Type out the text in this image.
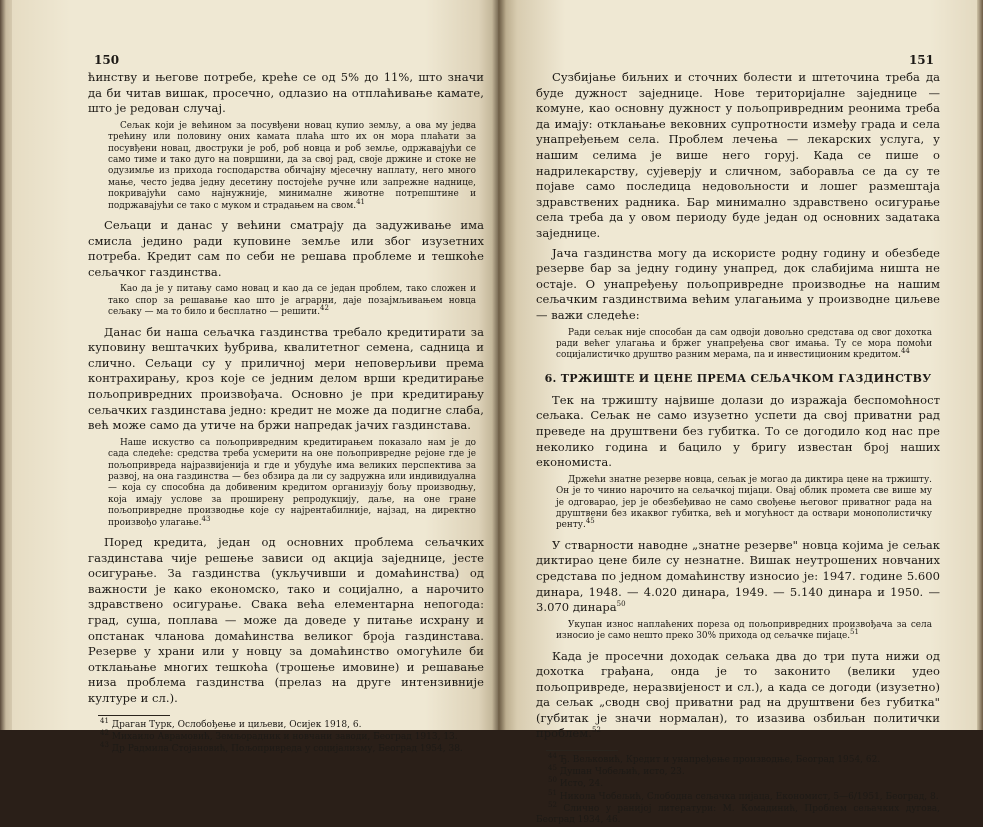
150

ћинству и његове потребе, креће се од 5% до 11%, што значи да би читав вишак, просечно, одлазио на отплаћивање камате, што је редован случај.

Сељак који је већином за посувђени новац купио земљу, а ова му једва трећину или половину оних камата плаћа што их он мора плаћати за посувђени новац, двоструки је роб, роб новца и роб земље, одржавајући се само тиме и тако дуго на површини, да за свој рад, своје држине и стоке не одузимље из прихода господарства обичајну мјесечну наплату, него много мање, често једва једну десетину постојеће ручне или запрежне наднице, покривајући само најнужније, минималне животне потрепштине и подржавајући се тако с муком и страдањем на свом.$^{41}$

Сељаци и данас у већини сматрају да задуживање има смисла једино ради куповине земље или због изузетних потреба. Кредит сам по себи не решава проблеме и тешкоће сељачког газдинства.

Као да је у питању само новац и као да се један проблем, тако сложен и тако спор за решавање као што је аграрни, даје позајмљивањем новца сељаку — ма то било и бесплатно — решити.$^{42}$

Данас би наша сељачка газдинства требало кредитирати за куповину вештачких ђубрива, квалитетног семена, садница и слично. Сељаци су у приличној мери неповерљиви према контрахирању, кроз које се једним делом врши кредитирање пољопривредних произвођача. Основно је при кредитирању сељачких газдинстава једно: кредит не може да подигне слаба, већ може само да утиче на бржи напредак јачих газдинстава.

Наше искуство са пољопривредним кредитирањем показало нам је до сада следеће: средства треба усмерити на оне пољопривредне рејоне где је пољопривреда најразвијенија и где и убудуће има великих перспектива за развој, на она газдинства — без обзира да ли су задружна или индивидуална — која су способна да добивеним кредитом организују бољу производњу, која имају услове за проширену репродукцију, даље, на оне гране пољопривредне производње које су најрентабилније, најзад, на директно произвођо улагање.$^{43}$

Поред кредита, један од основних проблема сељачких газдинстава чије решење зависи од акција заједнице, јесте осигурање. За газдинства (укључивши и домаћинства) од важности је како економско, тако и социјално, а нарочито здравствено осигурање. Свака већа елементарна непогода: град, суша, поплава — може да доведе у питање исхрану и опстанак чланова домаћинства великог броја газдинстава. Резерве у храни или у новцу за домаћинство омогућиле би отклањање многих тешкоћа (трошење имовине) и решавање низа проблема газдинства (прелаз на друге интензивније културе и сл.).

$^{41}$ Драган Турк, Ослобођење и циљеви, Осијек 1918, 6.

$^{42}$ Михаило Аврамовић, Земљорадник и новчани заводи, Београд 1913, 13.

$^{43}$ Др Радмила Стојановић, Пољопривреда у социјализму, Београд 1954, 38.

151

Сузбијање биљних и сточних болести и штеточина треба да буде дужност заједнице. Нове територијалне заједнице — комуне, као основну дужност у пољопривредним реонима треба да имају: отклањање вековних супротности између града и села унапређењем села. Проблем лечења — лекарских услуга, у нашим селима је више него горуј. Када се пише о надрилекарству, сујеверју и сличном, заборавља се да су те појаве само последица недовољности и лошег размештаја здравствених радника. Бар минимално здравствено осигурање села треба да у овом периоду буде један од основних задатака заједнице.

Јача газдинства могу да искористе родну годину и обезбеде резерве бар за једну годину унапред, док слабијима ништа не остаје. О унапређењу пољопривредне производње на нашим сељачким газдинствима већим улагањима у производне циљеве — важи следеће:

Ради сељак није способан да сам одвоји довољно средстава од свог дохотка ради већег улагања и бржег унапређења свог имања. Ту се мора помоћи социјалистичко друштво разним мерама, па и инвестиционим кредитом.$^{44}$

6. ТРЖИШТЕ И ЦЕНЕ ПРЕМА СЕЉАЧКОМ ГАЗДИНСТВУ

Тек на тржишту највише долази до изражаја беспомоћност сељака. Сељак не само изузетно успети да свој приватни рад преведе на друштвени без губитка. То се догодило код нас пре неколико година и бацило у бригу известан број наших економиста.

Држећи знатне резерве новца, сељак је могао да диктира цене на тржишту. Он је то чинио нарочито на сељачкој пијаци. Овај облик промета све више му је одговарао, јер је обезбеђивао не само свођење његовог приватног рада на друштвени без икаквог губитка, већ и могућност да оствари монополистичку ренту.$^{45}$

У стварности наводне „знатне резерве" новца којима је сељак диктирао цене биле су незнатне. Вишак неутрошених новчаних средстава по једном домаћинству износио је: 1947. године 5.600 динара, 1948. — 4.020 динара, 1949. — 5.140 динара и 1950. — 3.070 динара$^{50}$

Укупан износ наплаћених пореза од пољопривредних произвођача за села износио је само нешто преко 30% прихода од сељачке пијаце.$^{51}$

Када је просечни доходак сељака два до три пута нижи од дохотка грађана, онда је то законито (велики удео пољопривреде, неразвијеност и сл.), а када се догоди (изузетно) да сељак „сводн свој приватни рад на друштвени без губитка" (губитак је значи нормалан), то изазива озбиљан политички проблем.$^{52}$

$^{44}$ Ђ. Вељковић, Кредит и унапређење производње, Београд 1954, 62.

$^{45}$ Душан Чобељић, исто, 23.

$^{50}$ Исто, 24.

$^{51}$ Никола Чобељић, Слободна сељачка пијаца, Економист, 5—6/1951, Београд, 8.

$^{52}$ Слично у ранијој литератури: М. Комадинић, Проблем сељачких дугова, Београд 1934, 46.
